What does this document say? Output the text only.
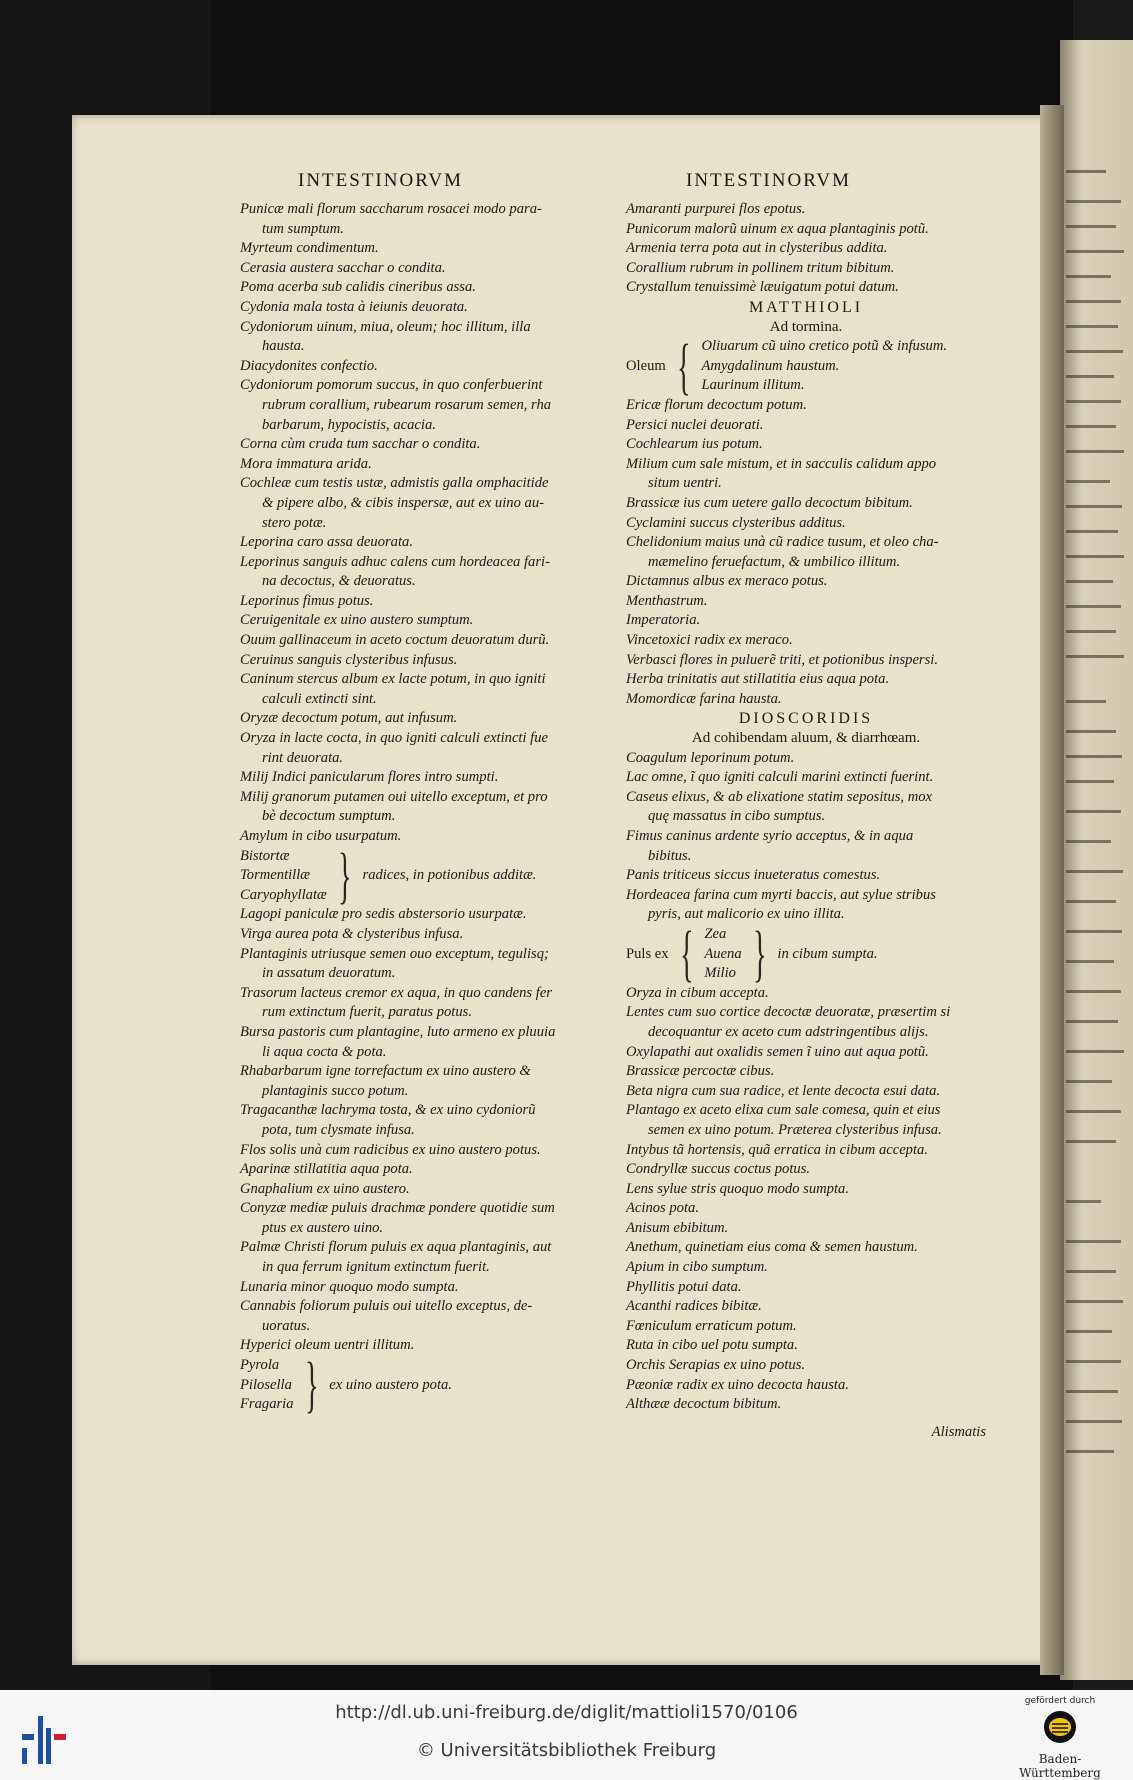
INTESTINORVM	INTESTINORVM
Punicæ mali florum saccharum rosacei modo para-
tum sumptum.
Myrteum condimentum.
Cerasia austera sacchar o condita.
Poma acerba sub calidis cineribus assa.
Cydonia mala tosta à ieiunis deuorata.
Cydoniorum uinum, miua, oleum; hoc illitum, illa
hausta.
Diacydonites confectio.
Cydoniorum pomorum succus, in quo conferbuerint
rubrum corallium, rubearum rosarum semen, rha
barbarum, hypocistis, acacia.
Corna cùm cruda tum sacchar o condita.
Mora immatura arida.
Cochleæ cum testis ustæ, admistis galla omphacitide
& pipere albo, & cibis inspersæ, aut ex uino au-
stero potæ.
Leporina caro assa deuorata.
Leporinus sanguis adhuc calens cum hordeacea fari-
na decoctus, & deuoratus.
Leporinus fimus potus.
Ceruigenitale ex uino austero sumptum.
Ouum gallinaceum in aceto coctum deuoratum durũ.
Ceruinus sanguis clysteribus infusus.
Caninum stercus album ex lacte potum, in quo igniti
calculi extincti sint.
Oryzæ decoctum potum, aut infusum.
Oryza in lacte cocta, in quo igniti calculi extincti fue
rint deuorata.
Milij Indici panicularum flores intro sumpti.
Milij granorum putamen oui uitello exceptum, et pro
bè decoctum sumptum.
Amylum in cibo usurpatum.
Bistortæ
Tormentillæ
Caryophyllatæ } radices, in potionibus additæ.
Lagopi paniculæ pro sedis abstersorio usurpatæ.
Virga aurea pota & clysteribus infusa.
Plantaginis utriusque semen ouo exceptum, tegulisq;
in assatum deuoratum.
Trasorum lacteus cremor ex aqua, in quo candens fer
rum extinctum fuerit, paratus potus.
Bursa pastoris cum plantagine, luto armeno ex pluuia
li aqua cocta & pota.
Rhabarbarum igne torrefactum ex uino austero &
plantaginis succo potum.
Tragacanthæ lachryma tosta, & ex uino cydoniorũ
pota, tum clysmate infusa.
Flos solis unà cum radicibus ex uino austero potus.
Aparinæ stillatitia aqua pota.
Gnaphalium ex uino austero.
Conyzæ mediæ puluis drachmæ pondere quotidie sum
ptus ex austero uino.
Palmæ Christi florum puluis ex aqua plantaginis, aut
in qua ferrum ignitum extinctum fuerit.
Lunaria minor quoquo modo sumpta.
Cannabis foliorum puluis oui uitello exceptus, de-
uoratus.
Hyperici oleum uentri illitum.
Pyrola
Pilosella
Fragaria } ex uino austero pota.
Amaranti purpurei flos epotus.
Punicorum malorũ uinum ex aqua plantaginis potũ.
Armenia terra pota aut in clysteribus addita.
Corallium rubrum in pollinem tritum bibitum.
Crystallum tenuissimè læuigatum potui datum.
MATTHIOLI
Ad tormina.
Oleum { Oliuarum cũ uino cretico potũ & infusum.
Amygdalinum haustum.
Laurinum illitum.
Ericæ florum decoctum potum.
Persici nuclei deuorati.
Cochlearum ius potum.
Milium cum sale mistum, et in sacculis calidum appo
situm uentri.
Brassicæ ius cum uetere gallo decoctum bibitum.
Cyclamini succus clysteribus additus.
Chelidonium maius unà cũ radice tusum, et oleo cha-
mæmelino feruefactum, & umbilico illitum.
Dictamnus albus ex meraco potus.
Menthastrum.
Imperatoria.
Vincetoxici radix ex meraco.
Verbasci flores in puluerẽ triti, et potionibus inspersi.
Herba trinitatis aut stillatitia eius aqua pota.
Momordicæ farina hausta.
DIOSCORIDIS
Ad cohibendam aluum, & diarrhœam.
Coagulum leporinum potum.
Lac omne, ĩ quo igniti calculi marini extincti fuerint.
Caseus elixus, & ab elixatione statim sepositus, mox
quę massatus in cibo sumptus.
Fimus caninus ardente syrio acceptus, & in aqua
bibitus.
Panis triticeus siccus inueteratus comestus.
Hordeacea farina cum myrti baccis, aut sylue stribus
pyris, aut malicorio ex uino illita.
Puls ex { Zea
Auena
Milio } in cibum sumpta.
Oryza in cibum accepta.
Lentes cum suo cortice decoctæ deuoratæ, præsertim si
decoquantur ex aceto cum adstringentibus alijs.
Oxylapathi aut oxalidis semen ĩ uino aut aqua potũ.
Brassicæ percoctæ cibus.
Beta nigra cum sua radice, et lente decocta esui data.
Plantago ex aceto elixa cum sale comesa, quin et eius
semen ex uino potum. Præterea clysteribus infusa.
Intybus tã hortensis, quã erratica in cibum accepta.
Condryllæ succus coctus potus.
Lens sylue stris quoquo modo sumpta.
Acinos pota.
Anisum ebibitum.
Anethum, quinetiam eius coma & semen haustum.
Apium in cibo sumptum.
Phyllitis potui data.
Acanthi radices bibitæ.
Fœniculum erraticum potum.
Ruta in cibo uel potu sumpta.
Orchis Serapias ex uino potus.
Pæoniæ radix ex uino decocta hausta.
Althææ decoctum bibitum.
Alismatis
http://dl.ub.uni-freiburg.de/diglit/mattioli1570/0106
© Universitätsbibliothek Freiburg
gefördert durch
Baden-Württemberg
